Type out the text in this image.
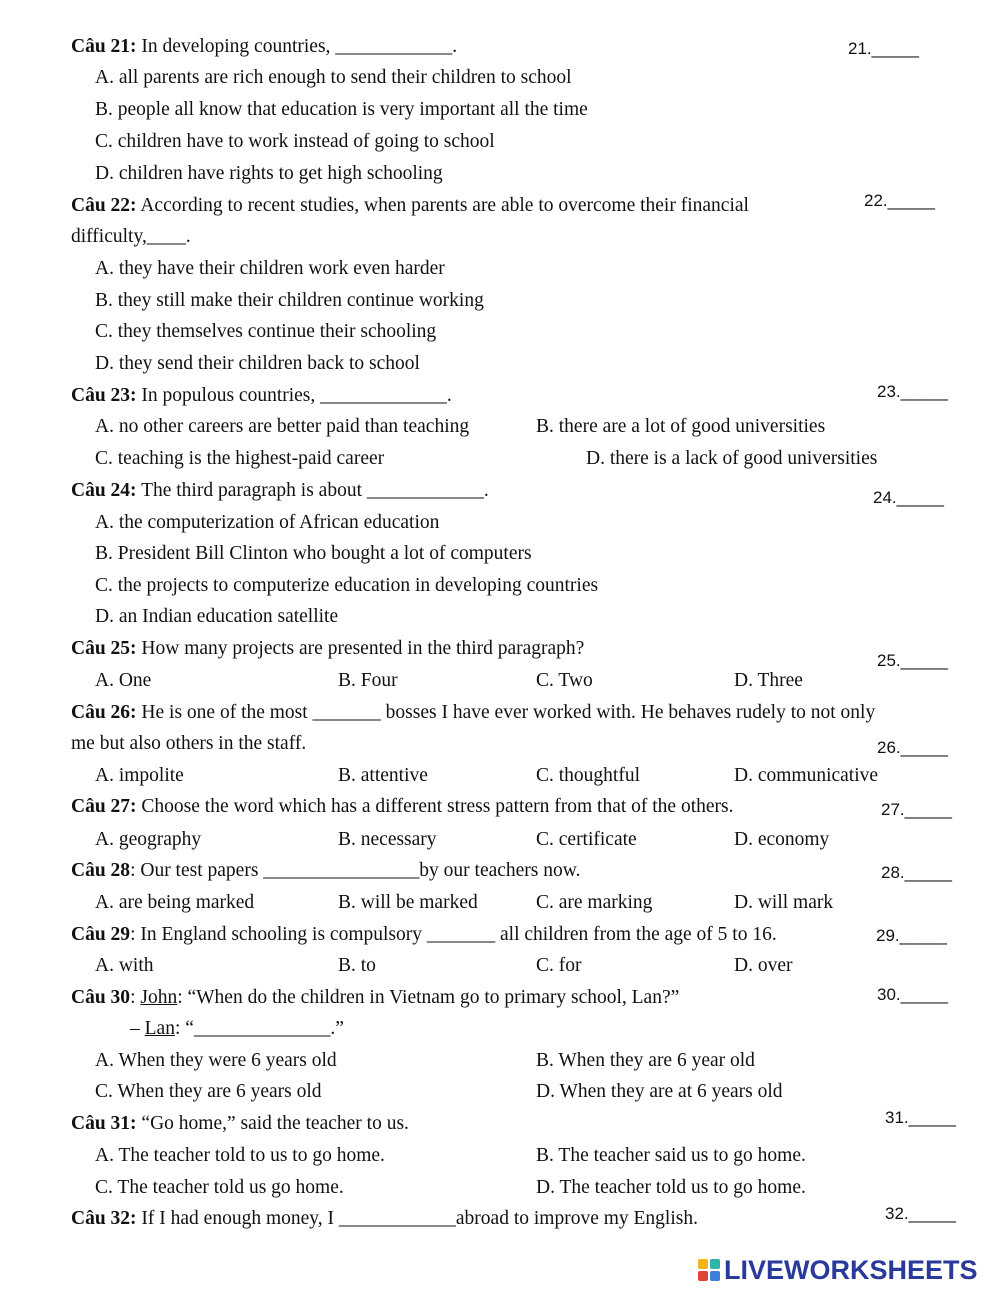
Câu 21: In developing countries, ____________.	21._____
A. all parents are rich enough to send their children to school
B. people all know that education is very important all the time
C. children have to work instead of going to school
D. children have rights to get high schooling
Câu 22: According to recent studies, when parents are able to overcome their financial	22._____
difficulty,____.
A. they have their children work even harder
B. they still make their children continue working
C. they themselves continue their schooling
D. they send their children back to school
Câu 23: In populous countries, _____________.	23._____
A. no other careers are better paid than teaching	B. there are a lot of good universities
C. teaching is the highest-paid career	D. there is a lack of good universities
Câu 24: The third paragraph is about ____________.	24._____
A. the computerization of African education
B. President Bill Clinton who bought a lot of computers
C. the projects to computerize education in developing countries
D. an Indian education satellite
Câu 25: How many projects are presented in the third paragraph?
25._____
A. One	B. Four	C. Two	D. Three
Câu 26: He is one of the most _______ bosses I have ever worked with. He behaves rudely to not only
me but also others in the staff.	26._____
A. impolite	B. attentive	C. thoughtful	D. communicative
Câu 27: Choose the word which has a different stress pattern from that of the others.	27._____
A. geography	B. necessary	C. certificate	D. economy
Câu 28: Our test papers ________________by our teachers now.	28._____
A. are being marked	B. will be marked	C. are marking	D. will mark
Câu 29: In England schooling is compulsory _______ all children from the age of 5 to 16.	29._____
A. with	B. to	C. for	D. over
Câu 30: John: “When do the children in Vietnam go to primary school, Lan?”	30._____
– Lan: “______________.”
A. When they were 6 years old	B. When they are 6 year old
C. When they are 6 years old	D. When they are at 6 years old
Câu 31: “Go home,” said the teacher to us.	31._____
A. The teacher told to us to go home.	B. The teacher said us to go home.
C. The teacher told us go home.	D. The teacher told us to go home.
Câu 32: If I had enough money, I ____________abroad to improve my English.	32._____
LIVEWORKSHEETS
